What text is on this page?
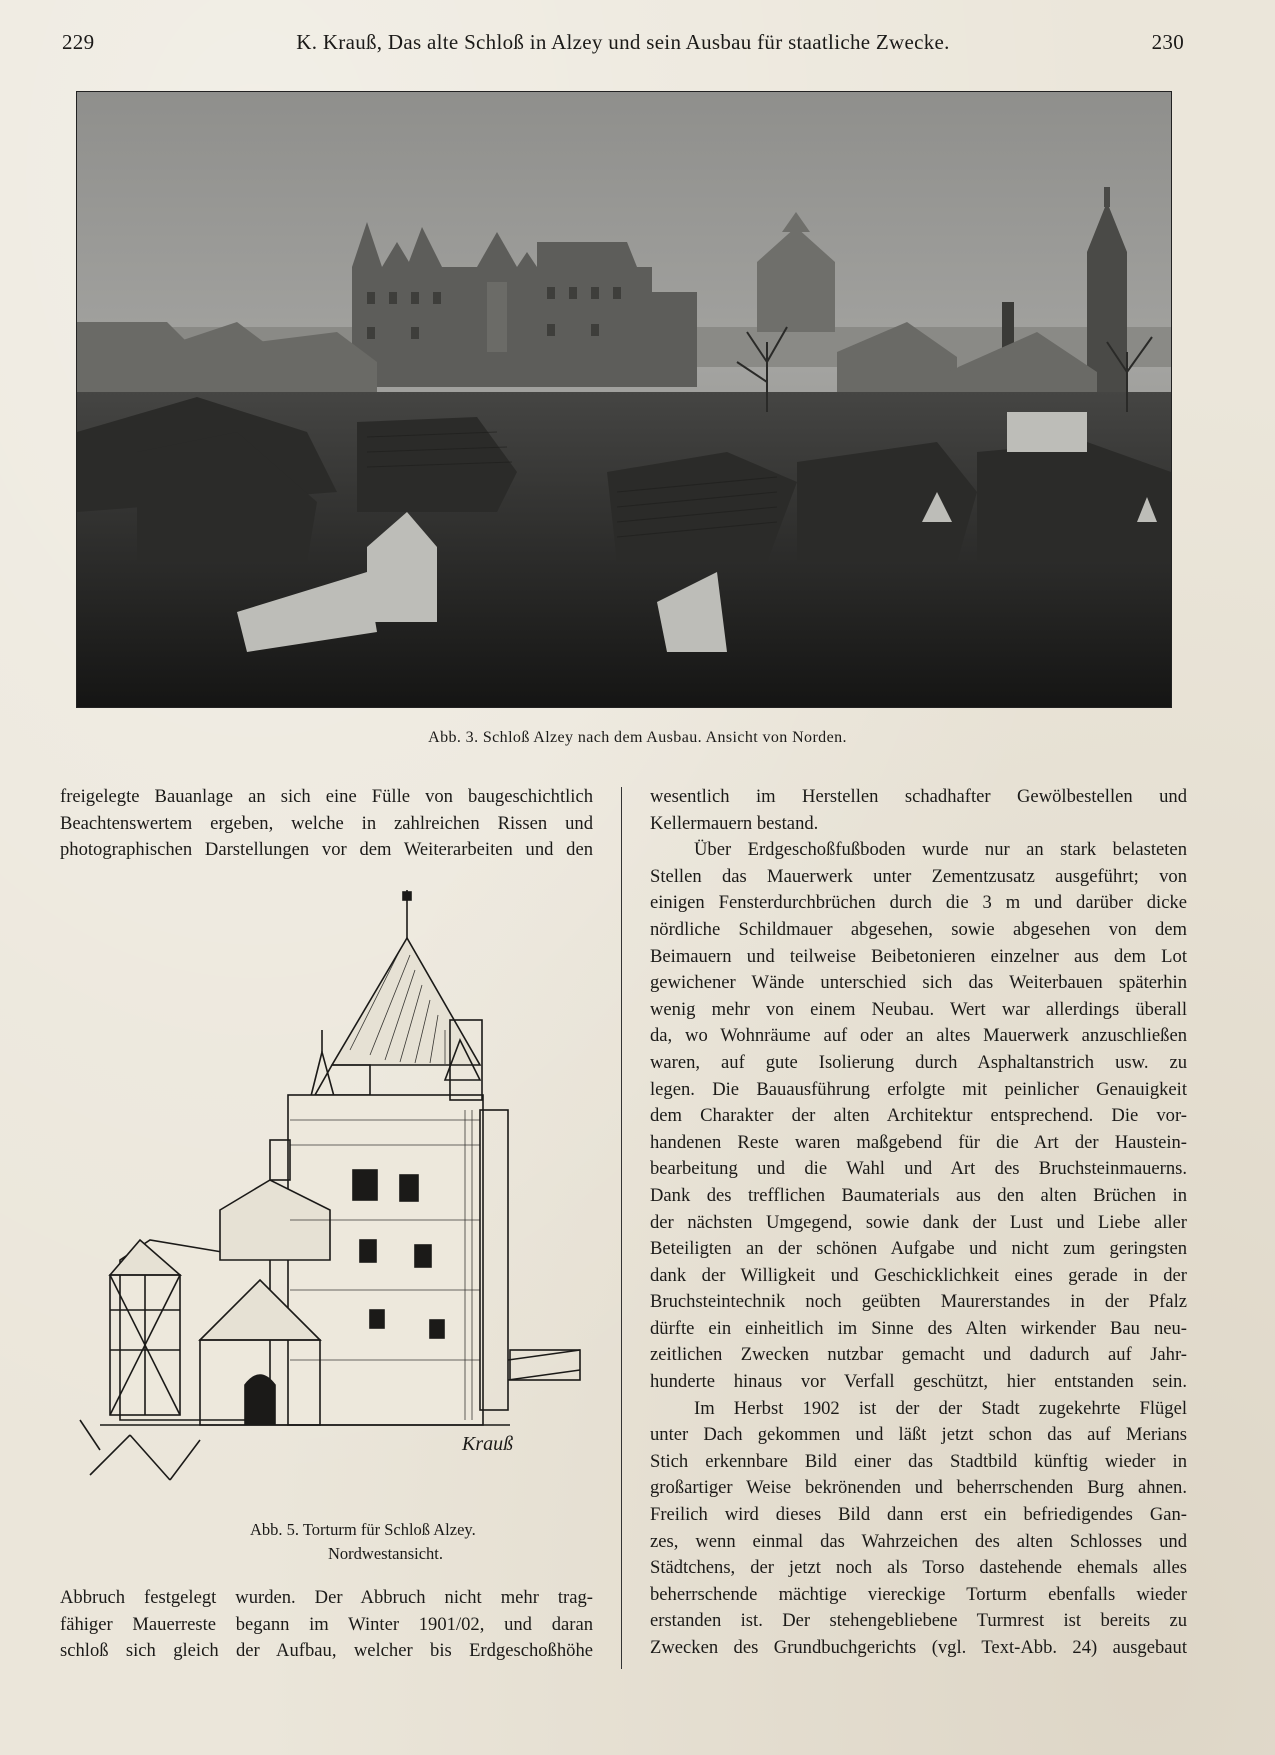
229	K. Krauß, Das alte Schloß in Alzey und sein Ausbau für staatliche Zwecke.	230
Abb. 3. Schloß Alzey nach dem Ausbau. Ansicht von Norden.

freigelegte Bauanlage an sich eine Fülle von baugeschichtlich

Beachtenswertem ergeben, welche in zahlreichen Rissen und

photographischen Darstellungen vor dem Weiterarbeiten und den

Krauß
Abb. 5. Torturm für Schloß Alzey.
Nordwestansicht.

Abbruch festgelegt wurden. Der Abbruch nicht mehr trag-

fähiger Mauerreste begann im Winter 1901/02, und daran

schloß sich gleich der Aufbau, welcher bis Erdgeschoßhöhe

wesentlich im Herstellen schadhafter Gewölbestellen und

Kellermauern bestand.

Über Erdgeschoßfußboden wurde nur an stark belasteten

Stellen das Mauerwerk unter Zementzusatz ausgeführt; von

einigen Fensterdurchbrüchen durch die 3 m und darüber dicke

nördliche Schildmauer abgesehen, sowie abgesehen von dem

Beimauern und teilweise Beibetonieren einzelner aus dem Lot

gewichener Wände unterschied sich das Weiterbauen späterhin

wenig mehr von einem Neubau. Wert war allerdings überall

da, wo Wohnräume auf oder an altes Mauerwerk anzuschließen

waren, auf gute Isolierung durch Asphaltanstrich usw. zu

legen. Die Bauausführung erfolgte mit peinlicher Genauigkeit

dem Charakter der alten Architektur entsprechend. Die vor-

handenen Reste waren maßgebend für die Art der Haustein-

bearbeitung und die Wahl und Art des Bruchsteinmauerns.

Dank des trefflichen Baumaterials aus den alten Brüchen in

der nächsten Umgegend, sowie dank der Lust und Liebe aller

Beteiligten an der schönen Aufgabe und nicht zum geringsten

dank der Willigkeit und Geschicklichkeit eines gerade in der

Bruchsteintechnik noch geübten Maurerstandes in der Pfalz

dürfte ein einheitlich im Sinne des Alten wirkender Bau neu-

zeitlichen Zwecken nutzbar gemacht und dadurch auf Jahr-

hunderte hinaus vor Verfall geschützt, hier entstanden sein.

Im Herbst 1902 ist der der Stadt zugekehrte Flügel

unter Dach gekommen und läßt jetzt schon das auf Merians

Stich erkennbare Bild einer das Stadtbild künftig wieder in

großartiger Weise bekrönenden und beherrschenden Burg ahnen.

Freilich wird dieses Bild dann erst ein befriedigendes Gan-

zes, wenn einmal das Wahrzeichen des alten Schlosses und

Städtchens, der jetzt noch als Torso dastehende ehemals alles

beherrschende mächtige viereckige Torturm ebenfalls wieder

erstanden ist. Der stehengebliebene Turmrest ist bereits zu

Zwecken des Grundbuchgerichts (vgl. Text-Abb. 24) ausgebaut
